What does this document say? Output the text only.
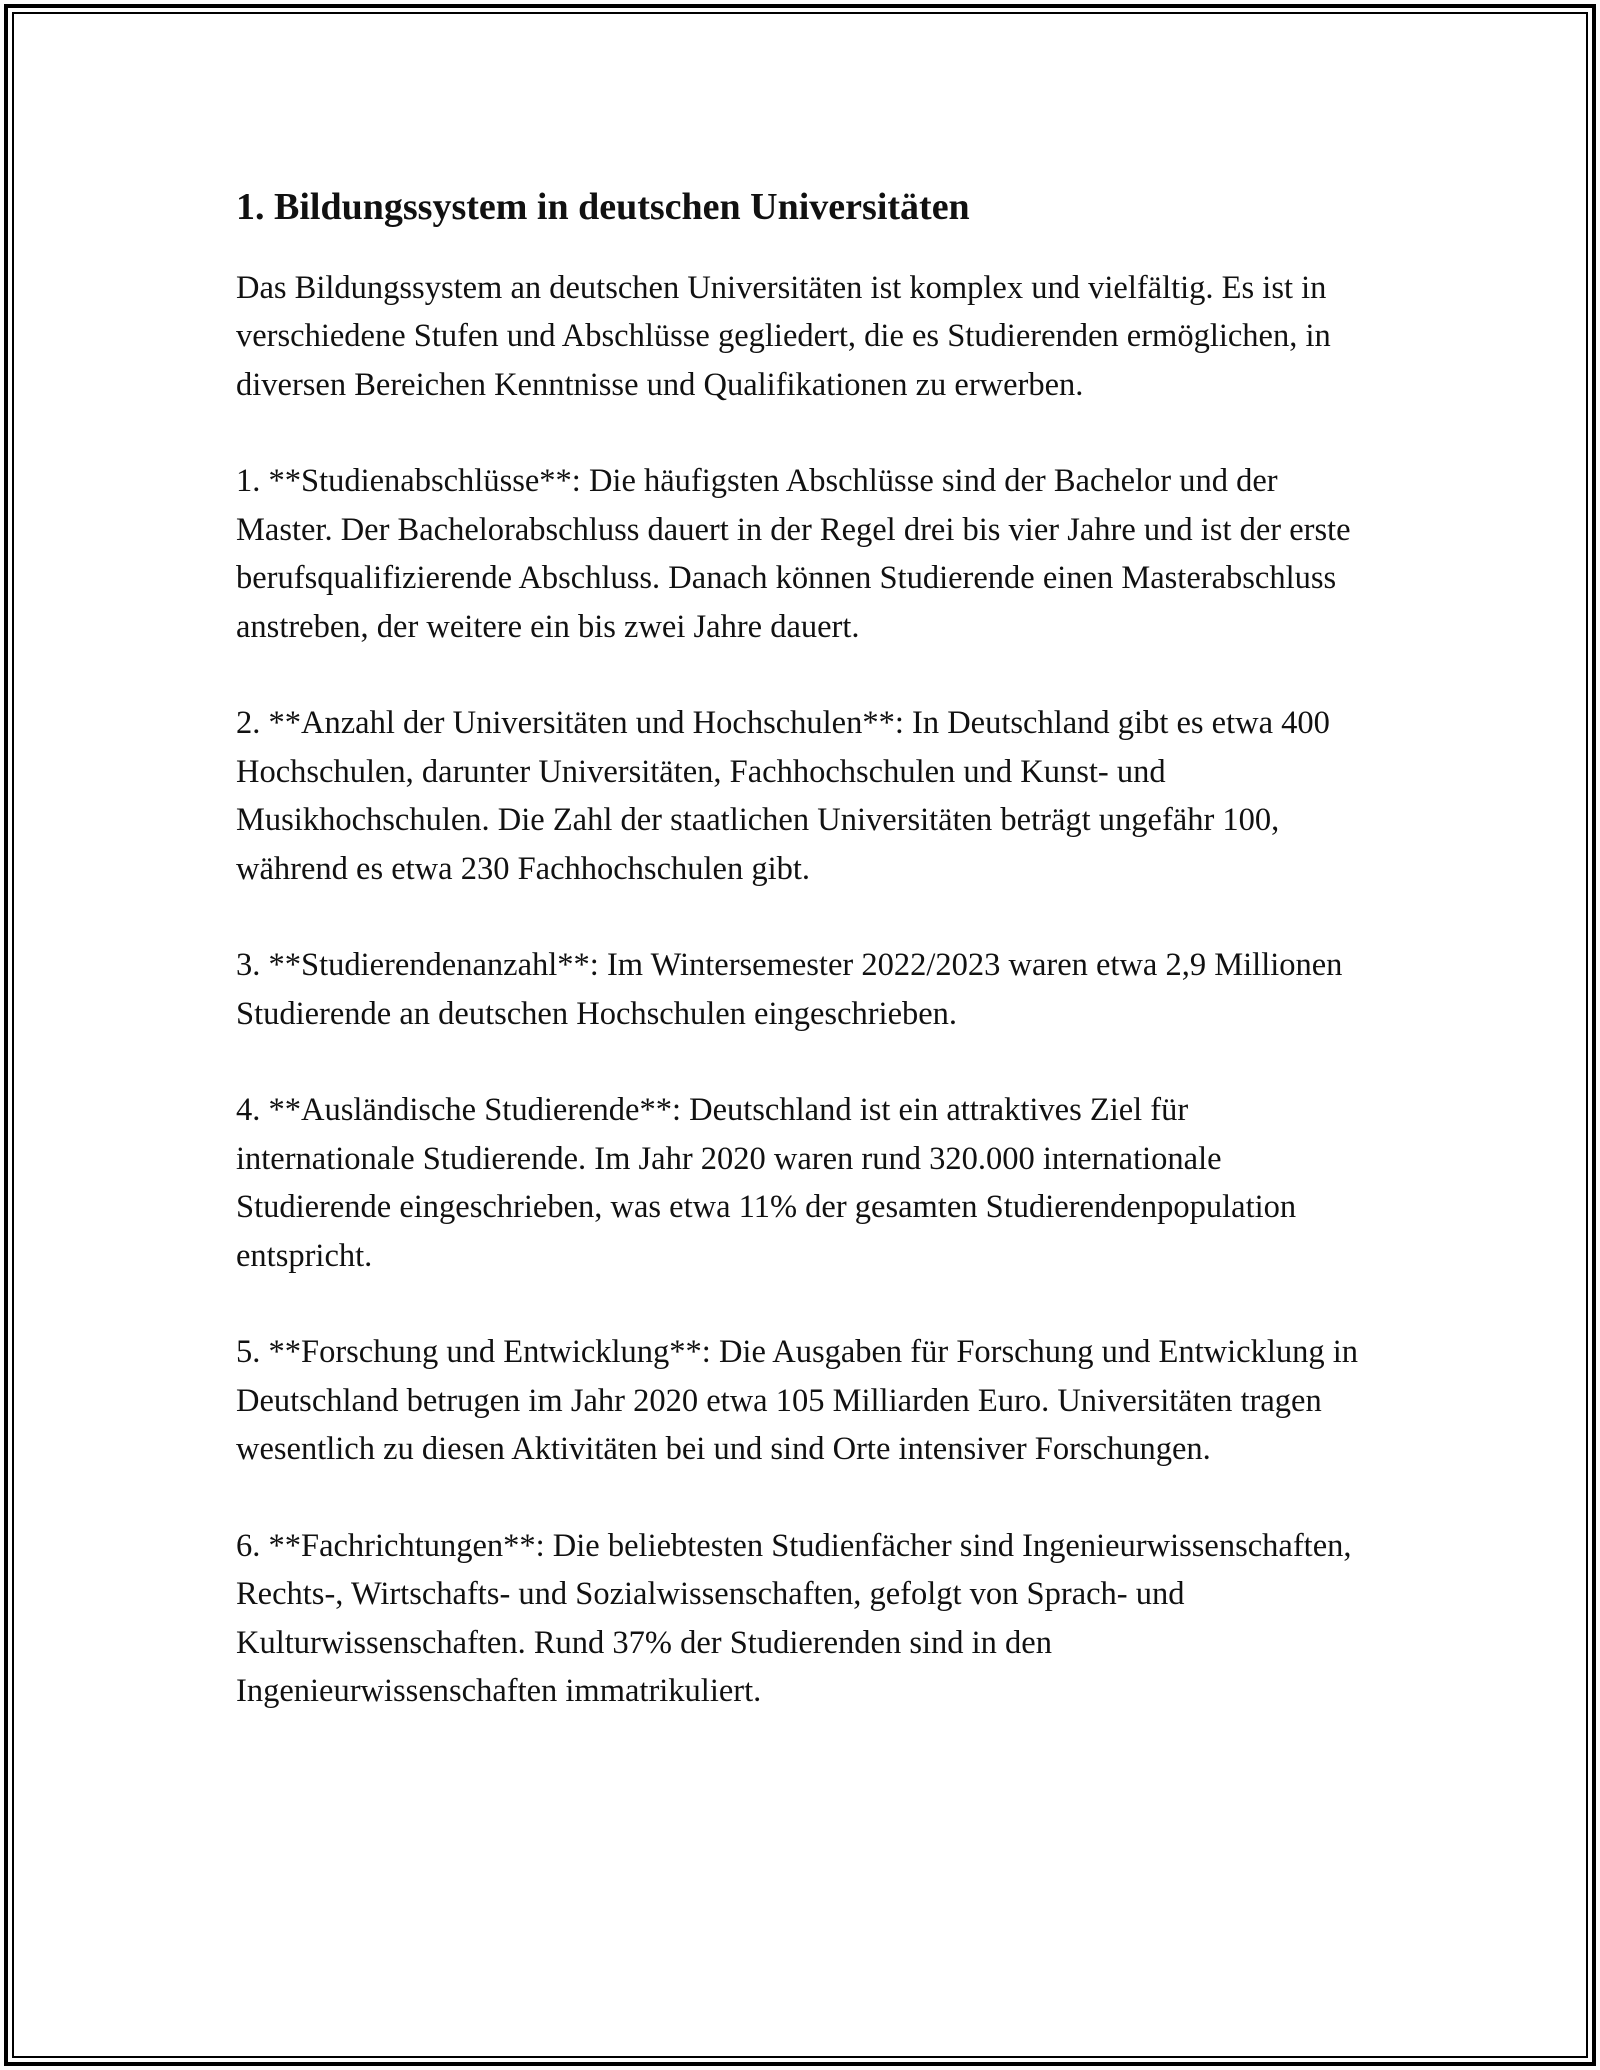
1. Bildungssystem in deutschen Universitäten

Das Bildungssystem an deutschen Universitäten ist komplex und vielfältig. Es ist in verschiedene Stufen und Abschlüsse gegliedert, die es Studierenden ermöglichen, in diversen Bereichen Kenntnisse und Qualifikationen zu erwerben.

1. **Studienabschlüsse**: Die häufigsten Abschlüsse sind der Bachelor und der Master. Der Bachelorabschluss dauert in der Regel drei bis vier Jahre und ist der erste berufsqualifizierende Abschluss. Danach können Studierende einen Masterabschluss anstreben, der weitere ein bis zwei Jahre dauert.

2. **Anzahl der Universitäten und Hochschulen**: In Deutschland gibt es etwa 400 Hochschulen, darunter Universitäten, Fachhochschulen und Kunst- und Musikhochschulen. Die Zahl der staatlichen Universitäten beträgt ungefähr 100, während es etwa 230 Fachhochschulen gibt.

3. **Studierendenanzahl**: Im Wintersemester 2022/2023 waren etwa 2,9 Millionen Studierende an deutschen Hochschulen eingeschrieben.

4. **Ausländische Studierende**: Deutschland ist ein attraktives Ziel für internationale Studierende. Im Jahr 2020 waren rund 320.000 internationale Studierende eingeschrieben, was etwa 11% der gesamten Studierendenpopulation entspricht.

5. **Forschung und Entwicklung**: Die Ausgaben für Forschung und Entwicklung in Deutschland betrugen im Jahr 2020 etwa 105 Milliarden Euro. Universitäten tragen wesentlich zu diesen Aktivitäten bei und sind Orte intensiver Forschungen.

6. **Fachrichtungen**: Die beliebtesten Studienfächer sind Ingenieurwissenschaften, Rechts-, Wirtschafts- und Sozialwissenschaften, gefolgt von Sprach- und Kulturwissenschaften. Rund 37% der Studierenden sind in den Ingenieurwissenschaften immatrikuliert.
